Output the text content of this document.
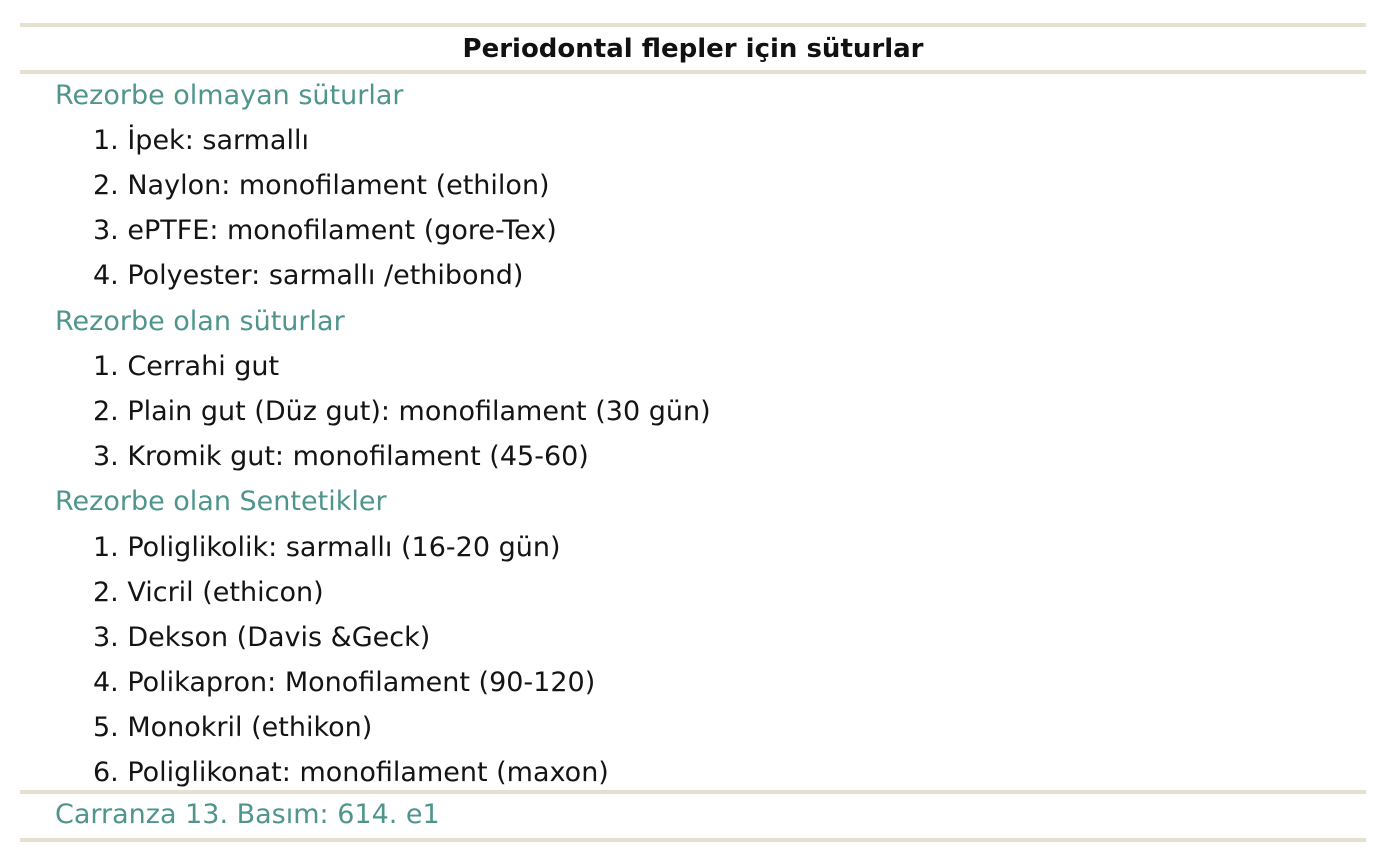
Periodontal flepler için süturlar
Rezorbe olmayan süturlar
1. İpek: sarmallı
2. Naylon: monofilament (ethilon)
3. ePTFE: monofilament (gore-Tex)
4. Polyester: sarmallı /ethibond)
Rezorbe olan süturlar
1. Cerrahi gut
2. Plain gut (Düz gut): monofilament (30 gün)
3. Kromik gut: monofilament (45-60)
Rezorbe olan Sentetikler
1. Poliglikolik: sarmallı (16-20 gün)
2. Vicril (ethicon)
3. Dekson (Davis &Geck)
4. Polikapron: Monofilament (90-120)
5. Monokril (ethikon)
6. Poliglikonat: monofilament (maxon)
Carranza 13. Basım: 614. e1
